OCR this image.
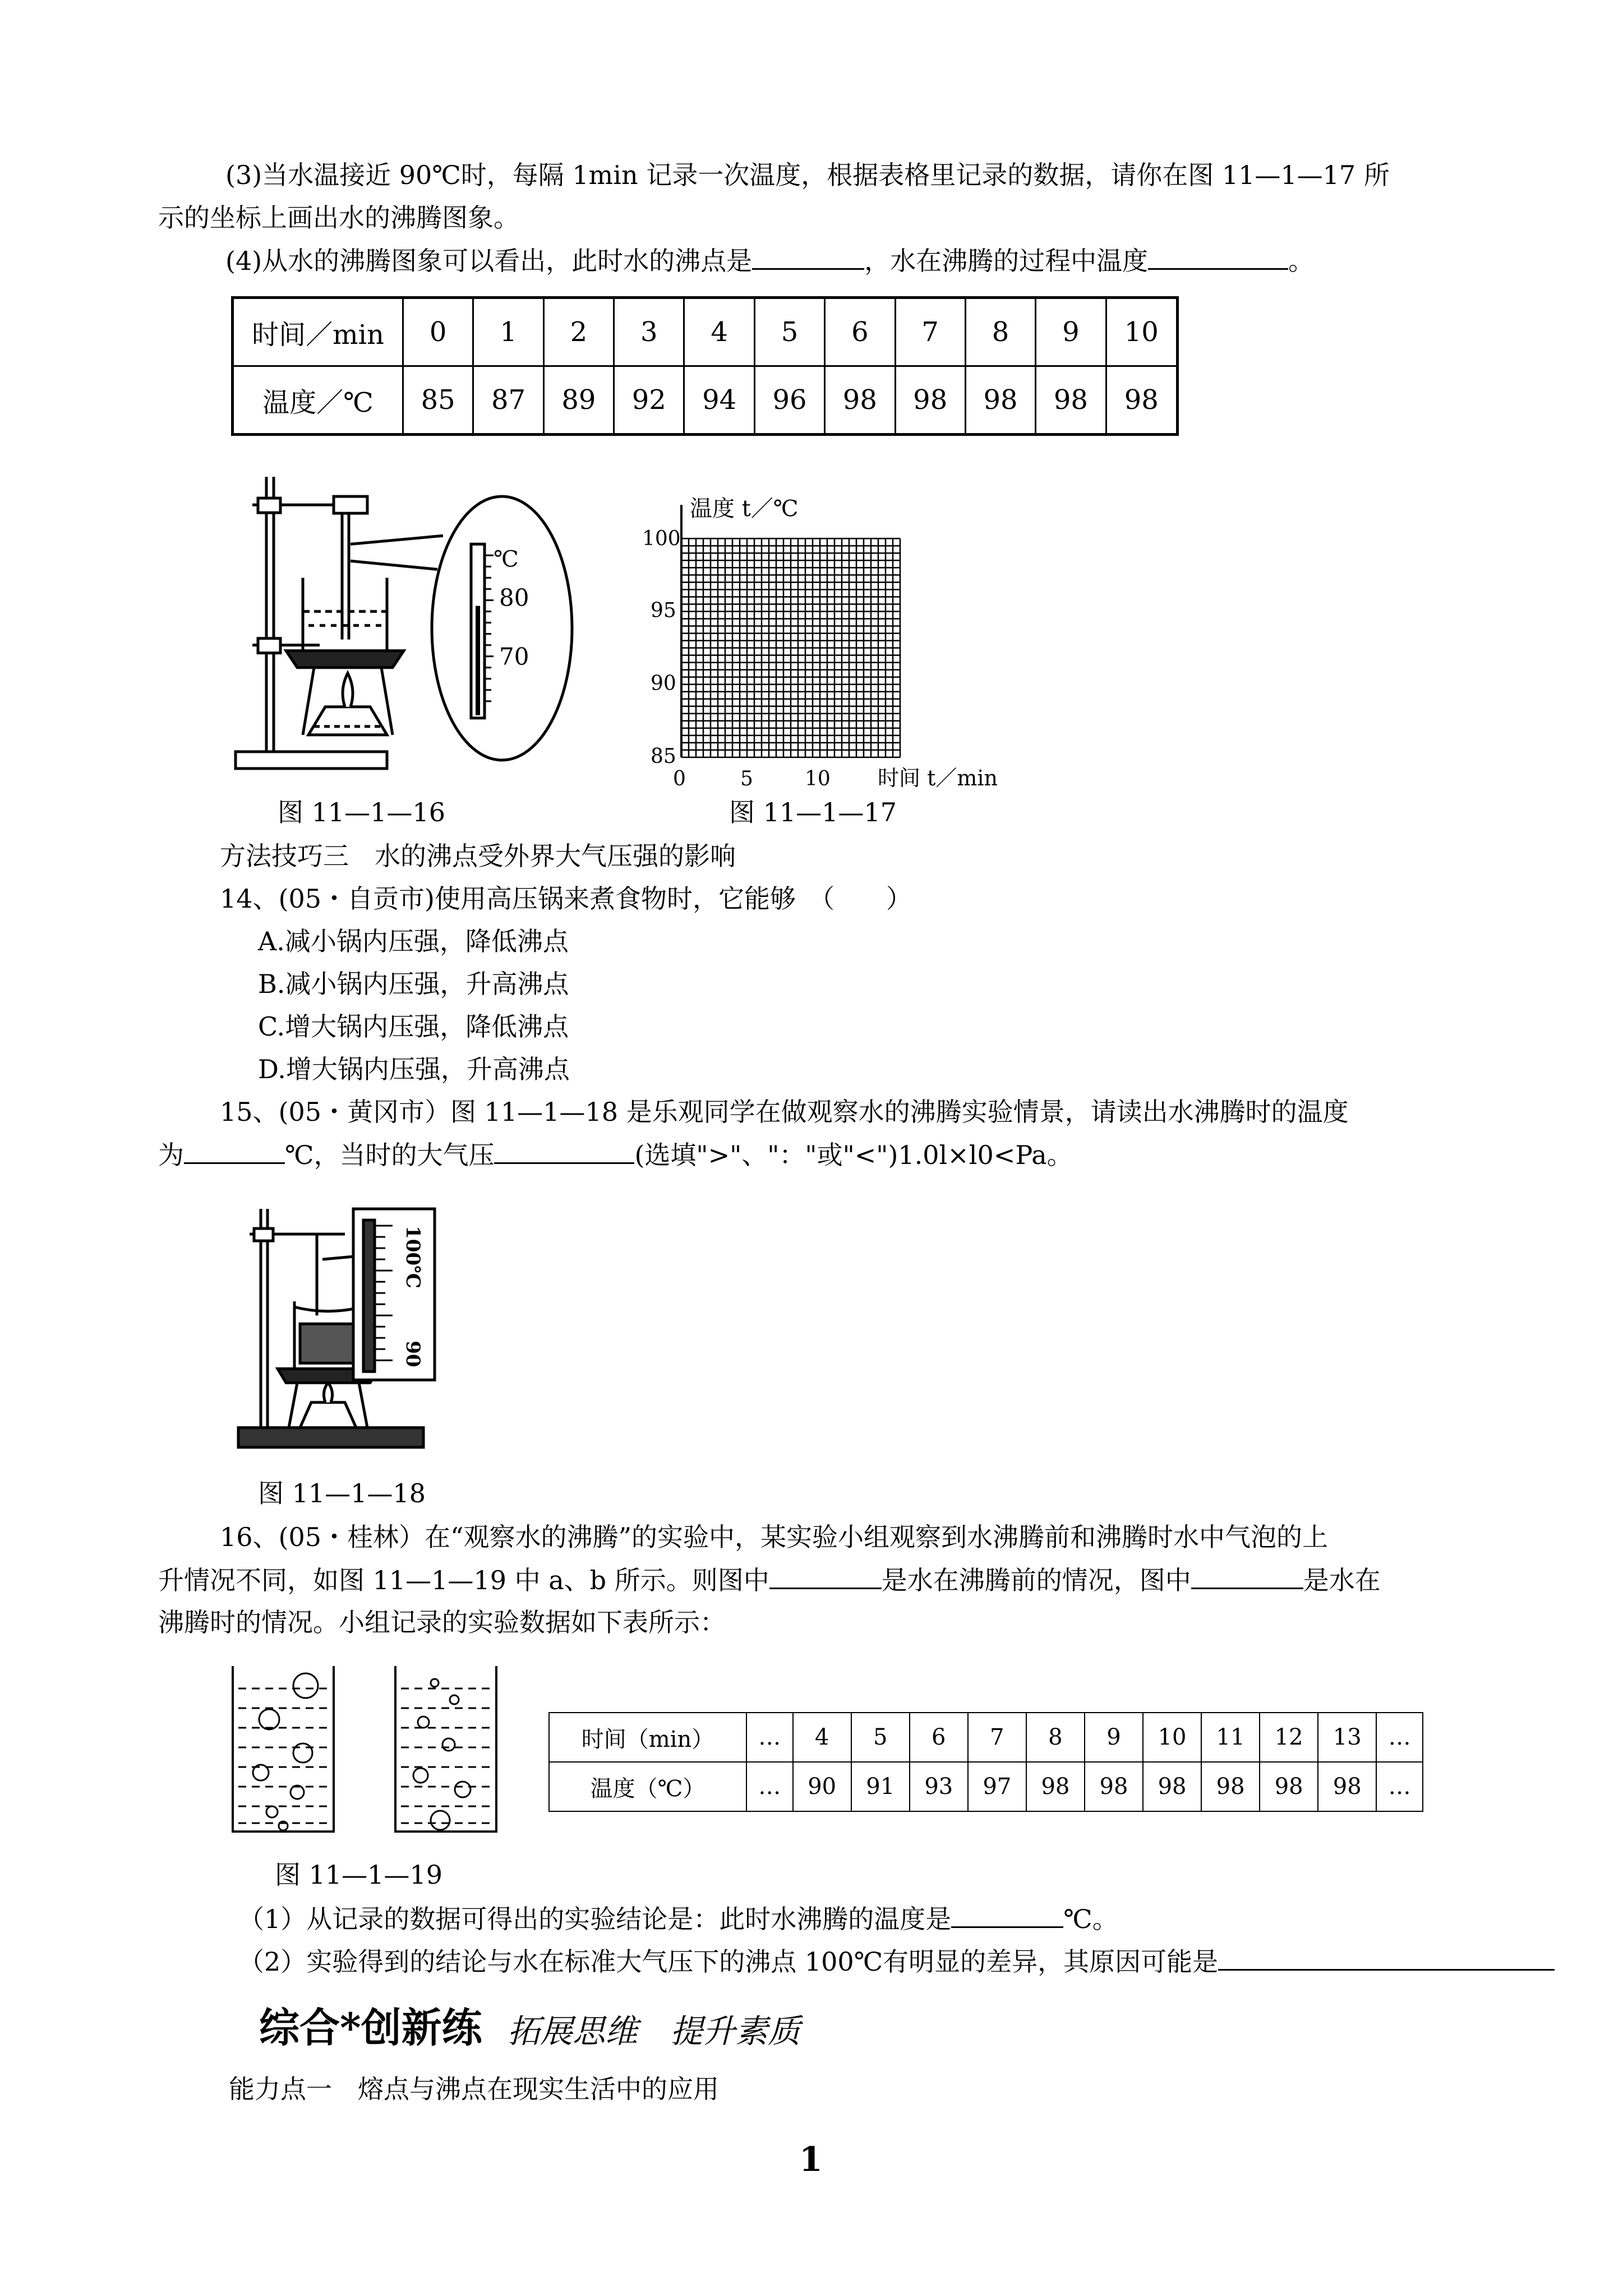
(3)当水温接近 90℃时，每隔 1min 记录一次温度，根据表格里记录的数据，请你在图 11—1—17 所
示的坐标上画出水的沸腾图象。
(4)从水的沸腾图象可以看出，此时水的沸点是	，水在沸腾的过程中温度	。
时间／min	0	1	2	3	4	5	6	7	8	9	10
温度／℃	85	87	89	92	94	96	98	98	98	98	98
℃
80
70
图 11—1—16
温度 t／℃
100
95
90
85
0	5	10 时间 t／min
图 11—1—17
方法技巧三　水的沸点受外界大气压强的影响
14、(05・自贡市)使用高压锅来煮食物时，它能够　（　　）
A.减小锅内压强，降低沸点
B.减小锅内压强，升高沸点
C.增大锅内压强，降低沸点
D.增大锅内压强，升高沸点
15、(05・黄冈市）图 11—1—18 是乐观同学在做观察水的沸腾实验情景，请读出水沸腾时的温度
为	℃，当时的大气压	(选填">"、"："或"<")1.0l×l0<Pa。
100℃
90
图 11—1—18
16、(05・桂林）在“观察水的沸腾”的实验中，某实验小组观察到水沸腾前和沸腾时水中气泡的上
升情况不同，如图 11—1—19 中 a、b 所示。则图中	是水在沸腾前的情况，图中	是水在
沸腾时的情况。小组记录的实验数据如下表所示：
时间（min）	…	4	5	6	7	8	9	10	11	12	13	…
温度（℃）	…	90	91	93	97	98	98	98	98	98	98	…
图 11—1—19
（1）从记录的数据可得出的实验结论是：此时水沸腾的温度是	℃。
（2）实验得到的结论与水在标准大气压下的沸点 100℃有明显的差异，其原因可能是
综合*创新练 拓展思维　提升素质
能力点一　熔点与沸点在现实生活中的应用
1
